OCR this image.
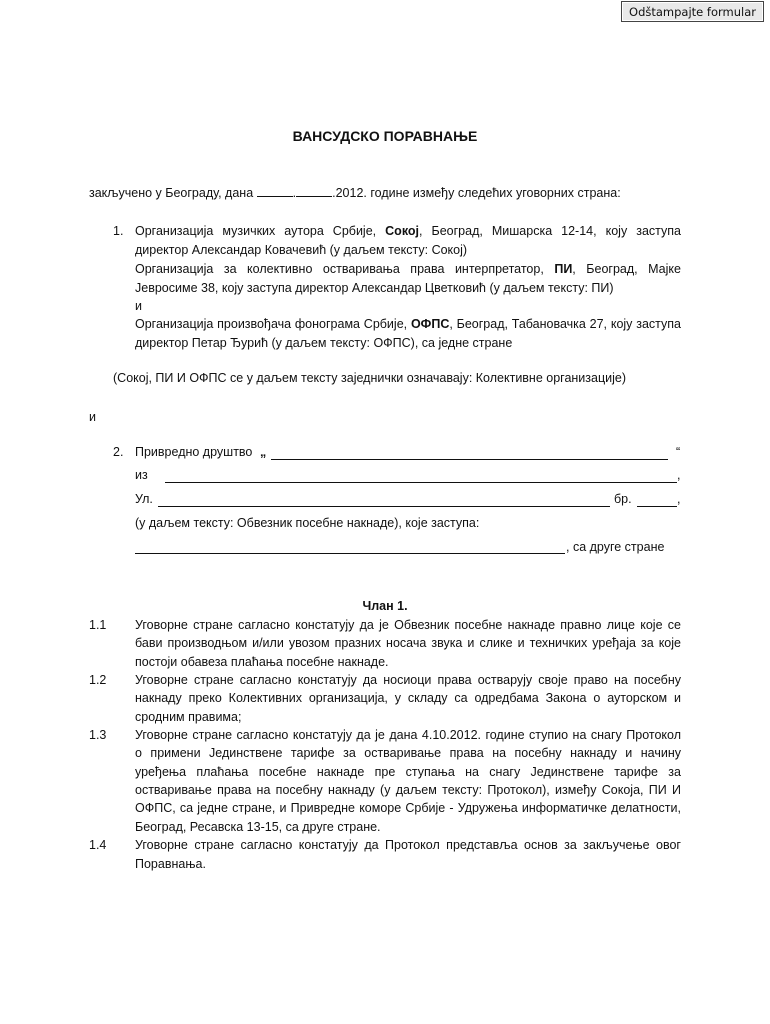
Odštampajte formular
ВАНСУДСКО ПОРАВНАЊЕ
закључено у Београду, дана	.	.2012. године између следећих уговорних страна:
1. Организација музичких аутора Србије, Сокој, Београд, Мишарска 12-14, коју заступа
директор Александар Ковачевић (у даљем тексту: Сокој)
Организација за колективно остваривања права интерпретатор, ПИ, Београд, Мајке
Јевросиме 38, коју заступа директор Александар Цветковић (у даљем тексту: ПИ)
и
Организација произвођача фонограма Србије, ОФПС, Београд, Табановачка 27, коју заступа
директор Петар Ђурић (у даљем тексту: ОФПС), са једне стране
(Сокој, ПИ И ОФПС се у даљем тексту заједнички означавају: Колективне организације)
и
2. Привредно друштво „	“
из	,
Ул.	бр.	,
(у даљем тексту: Обвезник посебне накнаде), које заступа:
, са друге стране
Члан 1.
1.1 Уговорне стране сагласно констатују да је Обвезник посебне накнаде правно лице које се
бави производњом и/или увозом празних носача звука и слике и техничких уређаја за које
постоји обавеза плаћања посебне накнаде.
1.2 Уговорне стране сагласно констатују да носиоци права остварују своје право на посебну
накнаду преко Колективних организација, у складу са одредбама Закона о ауторском и
сродним правима;
1.3 Уговорне стране сагласно констатују да је дана 4.10.2012. године ступио на снагу Протокол
о примени Јединствене тарифе за остваривање права на посебну накнаду и начину
уређења плаћања посебне накнаде пре ступања на снагу Јединствене тарифе за
остваривање права на посебну накнаду (у даљем тексту: Протокол), између Сокоја, ПИ И
ОФПС, са једне стране, и Привредне коморе Србије - Удружења информатичке делатности,
Београд, Ресавска 13-15, са друге стране.
1.4 Уговорне стране сагласно констатују да Протокол представља основ за закључење овог
Поравнања.
